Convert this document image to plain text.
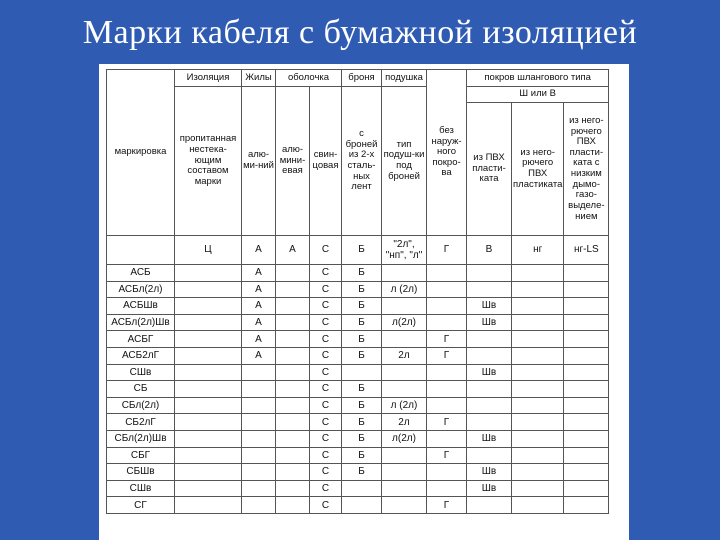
Марки кабеля с бумажной изоляцией
маркировка	Изоляция	Жилы	оболочка		броня	подушка	без наруж-ного покро-ва	покров шлангового типа		
	пропитанная нестека-ющим составом марки	алю-ми-ний	алю-мини-евая	свин-цовая	с броней из 2-х сталь-ных лент	тип подуш-ки под броней		Ш или В		
								из ПВХ пласти-ката	из него-рючего ПВХ пластиката	из него-рючего ПВХ пласти-ката с низким дымо-газо-выделе-нием
	Ц	А	А	С	Б	"2л", "нп", "л"	Г	В	нг	нг-LS
АСБ		А		С	Б					
АСБл(2л)		А		С	Б	л (2л)				
АСБШв		А		С	Б			Шв		
АСБл(2л)Шв		А		С	Б	л(2л)		Шв		
АСБГ		А		С	Б		Г			
АСБ2лГ		А		С	Б	2л	Г			
СШв				С				Шв		
СБ				С	Б					
СБл(2л)				С	Б	л (2л)				
СБ2лГ				С	Б	2л	Г			
СБл(2л)Шв				С	Б	л(2л)		Шв		
СБГ				С	Б		Г			
СБШв				С	Б			Шв		
СШв				С				Шв		
СГ				С			Г			
